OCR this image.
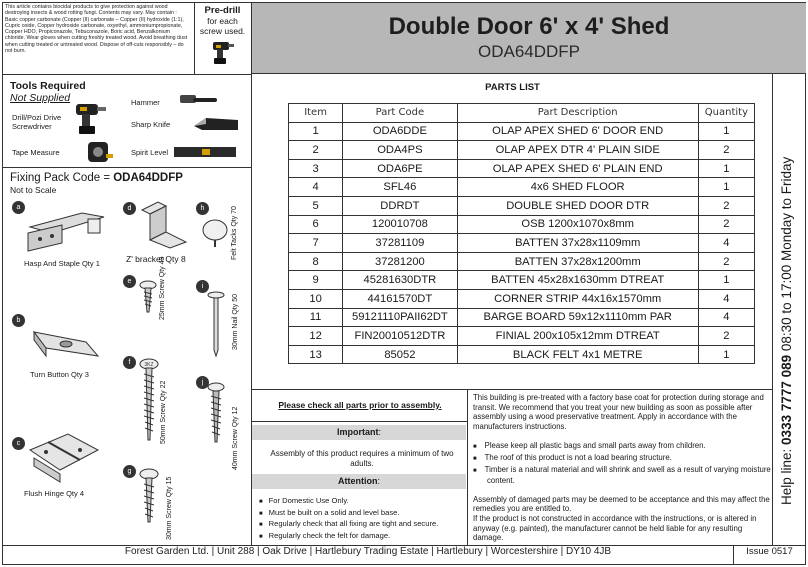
This article contains biocidal products to give protection against wood destroying insects & wood rotting fungi. Contents may vary. May contain : Basic copper carbonate (Copper (II) carbonate – Copper (II) hydroxide (1:1), Cupric oxide, Copper hydroxide carbonate, oxyethyl, ammoniumpropionate, Copper HDO, Propiconazole, Tebuconazole, Boric acid, Benzalkonium chloride. Wear gloves when cutting freshly treated wood. Avoid breathing dust when cutting treated or untreated wood. Dispose of off-cuts responsibly – do not burn.
Pre-drill
for each screw used.	Double Door 6' x 4' Shed
ODA64DDFP
Tools Required
Not Supplied
Drill/Pozi Drive Screwdriver
Hammer
Sharp Knife
Tape Measure	Spirit Level
Fixing Pack Code = ODA64DDFP
Not to Scale
a
Hasp And Staple Qty 1
b
Turn Button Qty 3
c
Flush Hinge Qty 4
d
Z' bracket Qty 8
h	Felt Tacks Qty 70
e	25mm Screw Qty 43
f	3KZ
50mm Screw Qty 22
g
30mm Screw Qty 15
i
30mm Nail Qty 50
j
40mm Screw Qty 12
PARTS LIST
Item	Part Code	Part Description	Quantity
1	ODA6DDE	OLAP APEX SHED 6' DOOR END	1
2	ODA4PS	OLAP APEX DTR 4' PLAIN SIDE	2
3	ODA6PE	OLAP APEX SHED 6' PLAIN END	1
4	SFL46	4x6 SHED FLOOR	1
5	DDRDT	DOUBLE SHED DOOR DTR	2
6	120010708	OSB 1200x1070x8mm	2
7	37281109	BATTEN 37x28x1109mm	4
8	37281200	BATTEN 37x28x1200mm	2
9	45281630DTR	BATTEN 45x28x1630mm DTREAT	1
10	44161570DT	CORNER STRIP 44x16x1570mm	4
11	59121110PAII62DT	BARGE BOARD 59x12x1110mm PAR	4
12	FIN20010512DTR	FINIAL 200x105x12mm DTREAT	2
13	85052	BLACK FELT 4x1 METRE	1
Help line: 0333 7777 089 08:30 to 17:00 Monday to Friday
Please check all parts prior to assembly.
Important:
Assembly of this product requires a minimum of two adults.
Attention:
■ For Domestic Use Only.
■ Must be built on a solid and level base.
■ Regularly check that all fixing are tight and secure.
■ Regularly check the felt for damage.

This building is pre-treated with a factory base coat for protection during storage and transit. We recommend that you treat your new building as soon as possible after assembly using a wood preservative treatment. Apply in accordance with the manufacturers instructions.

■ Please keep all plastic bags and small parts away from children.
■ The roof of this product is not a load bearing structure.
■ Timber is a natural material and will shrink and swell as a result of varying moisture content.
Assembly of damaged parts may be deemed to be acceptance and this may affect the remedies you are entitled to.
If the product is not constructed in accordance with the instructions, or is altered in anyway (e.g. painted), the manufacturer cannot be held liable for any resulting damage.
Forest Garden Ltd. | Unit 288 | Oak Drive | Hartlebury Trading Estate | Hartlebury | Worcestershire | DY10 4JB	Issue 0517
